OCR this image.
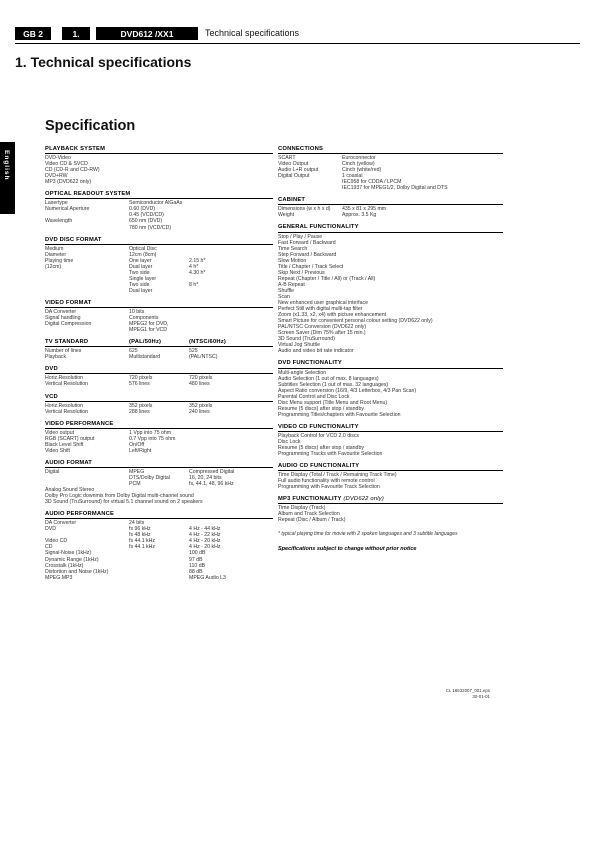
GB 2	1.	DVD612 /XX1	Technical specifications
1. Technical specifications
Specification
English
PLAYBACK SYSTEM
DVD-Video
Video CD & SVCD
CD (CD-R and CD-RW)
DVD+RW
MP3 (DVD622 only)
OPTICAL READOUT SYSTEM
Lasertype	Semiconductor AlGaAs
Numerical Aperture	0.60 (DVD)
0.45 (VCD/CD)
Wavelength	650 nm (DVD)
780 nm (VCD/CD)
DVD DISC FORMAT
Medium	Optical Disc
Diameter	12cm (8cm)
Playing time	One layer	2.15 h*
(12cm)	Dual layer	4 h*
Two side	4.30 h*
Single layer
Two side	8 h*
Dual layer
VIDEO FORMAT
DA Converter	10 bits
Signal handling	Components
Digital Compression	MPEG2 for DVD,
MPEG1 for VCD
TV STANDARD	(PAL/50Hz)	(NTSC/60Hz)
Number of lines	625	525
Playback	Multistandard	(PAL/NTSC)
DVD
Horiz.Resolution	720 pixels	720 pixels
Vertical Resolution	576 lines	480 lines
VCD
Horiz.Resolution	352 pixels	352 pixels
Vertical Resolution	288 lines	240 lines
VIDEO PERFORMANCE
Video output	1 Vpp into 75 ohm
RGB (SCART) output	0.7 Vpp into 75 ohm
Black Level Shift	On/Off
Video Shift	Left/Right
AUDIO FORMAT
Digital	MPEG	Compressed Digital
DTS/Dolby Digital	16, 20, 24 bits
PCM	fs, 44.1, 48, 96 kHz
Analog Sound Stereo
Dolby Pro Logic downmix from Dolby Digital multi-channel sound
3D Sound (TruSurround) for virtual 5.1 channel sound on 2 speakers
AUDIO PERFORMANCE
DA Converter	24 bits
DVD	fs 96 kHz	4 Hz - 44 kHz
fs 48 kHz	4 Hz - 22 kHz
Video CD	fs 44.1 kHz	4 Hz - 20 kHz
CD	fs 44.1 kHz	4 Hz - 20 kHz
Signal-Noise (1kHz)	100 dB
Dynamic Range (1kHz)	97 dB
Crosstalk (1kHz)	110 dB
Distortion and Noise (1kHz)	88 dB
MPEG MP3	MPEG Audio L3
CONNECTIONS
SCART	Euroconnector
Video Output	Cinch (yellow)
Audio L+R output	Cinch (white/red)
Digital Output	1 coaxial
IEC958 for CDDA / LPCM
IEC1937 for MPEG1/2, Dolby Digital and DTS
CABINET
Dimensions (w x h x d) 435 x 81 x 295 mm
Weight	Approx. 3.5 Kg
GENERAL FUNCTIONALITY
Stop / Play / Pause
Fast Forward / Backward
Time Search
Step Forward / Backward
Slow Motion
Title / Chapter / Track Select
Skip Next / Previous
Repeat (Chapter / Title / All) or (Track / All)
A-B Repeat
Shuffle
Scan
New enhanced user graphical interface
Perfect Still with digital multi-tap filter
Zoom (x1.33, x2, x4) with picture enhancement
Smart Picture for convenient personal colour setting (DVD622 only)
PAL/NTSC Conversion (DVD622 only)
Screen Saver (Dim 75% after 15 min.)
3D Sound (TruSurround)
Virtual Jog Shuttle
Audio and video bit rate indicator
DVD FUNCTIONALITY
Multi-angle Selection
Audio Selection (1 out of max. 8 languages)
Subtitles Selection (1 out of max. 32 languages)
Aspect Ratio conversion (16/9, 4/3 Letterbox, 4/3 Pan Scan)
Parental Control and Disc Lock
Disc Menu support (Title Menu and Root Menu)
Resume (5 discs) after stop / standby
Programming Titles/chapters with Favourite Selection
VIDEO CD FUNCTIONALITY
Playback Control for VCD 2.0 discs
Disc Lock
Resume (5 discs) after stop / standby
Programming Tracks with Favourite Selection
AUDIO CD FUNCTIONALITY
Time Display (Total / Track / Remaining Track Time)
Full audio functionality with remote control
Programming with Favourite Track Selection
MP3 FUNCTIONALITY (DVD622 only)
Time Display (Track)
Album and Track Selection
Repeat (Disc / Album / Track)
* typical playing time for movie with 2 spoken languages and 3 subtitle languages
Specifications subject to change without prior notice
CL 16532007_001.eps
30-01-01
